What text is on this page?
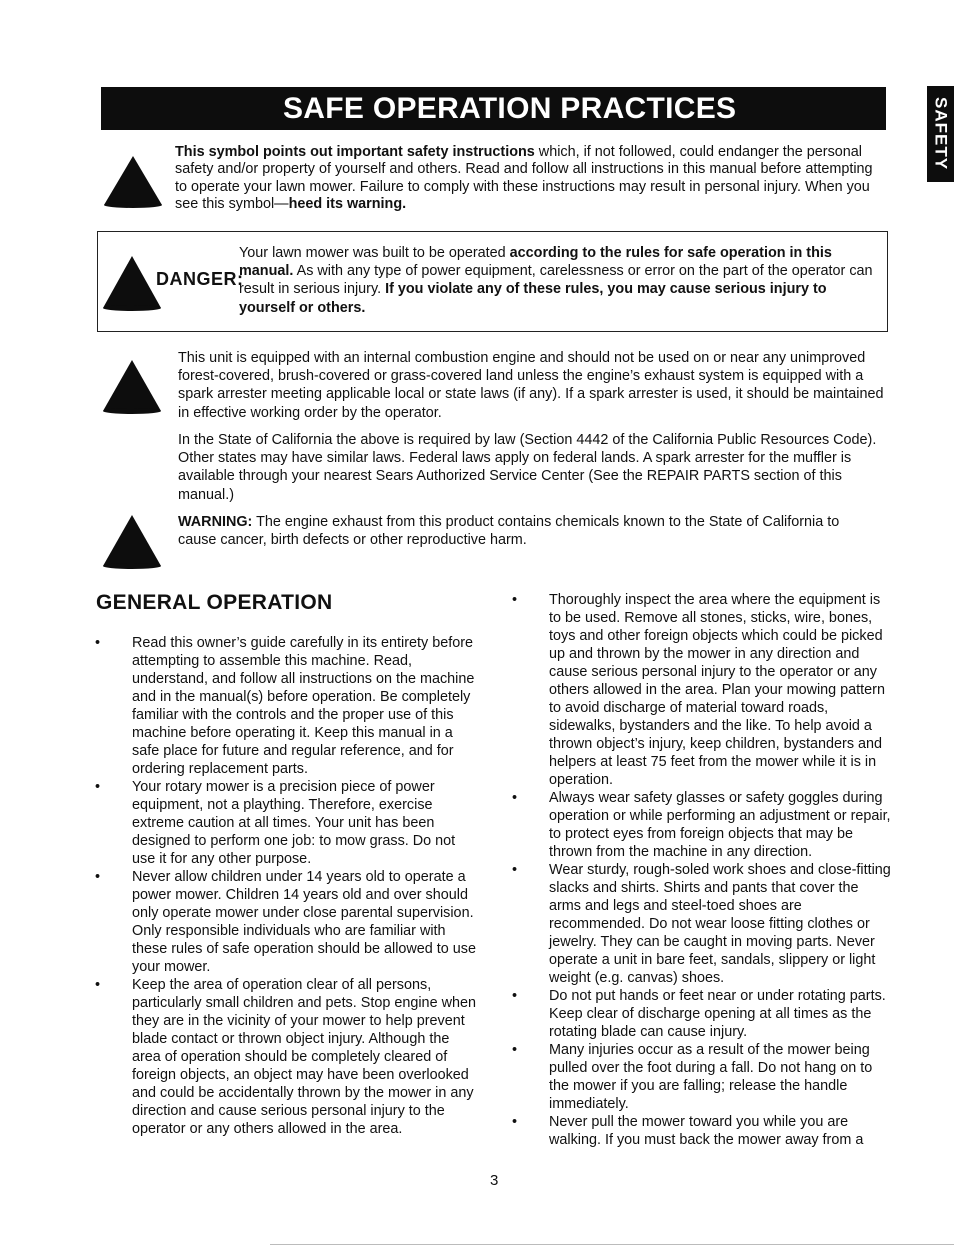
SAFE OPERATION PRACTICES	SAFETY
This symbol points out important safety instructions which, if not followed, could endanger the personal safety and/or property of yourself and others. Read and follow all instructions in this manual before attempting to operate your lawn mower. Failure to comply with these instructions may result in personal injury. When you see this symbol—heed its warning.
DANGER:
Your lawn mower was built to be operated according to the rules for safe operation in this manual. As with any type of power equipment, carelessness or error on the part of the operator can result in serious injury. If you violate any of these rules, you may cause serious injury to yourself or others.
This unit is equipped with an internal combustion engine and should not be used on or near any unimproved forest-covered, brush-covered or grass-covered land unless the engine’s exhaust system is equipped with a spark arrester meeting applicable local or state laws (if any). If a spark arrester is used, it should be maintained in effective working order by the operator.
In the State of California the above is required by law (Section 4442 of the California Public Resources Code). Other states may have similar laws. Federal laws apply on federal lands. A spark arrester for the muffler is available through your nearest Sears Authorized Service Center (See the REPAIR PARTS section of this manual.)
WARNING: The engine exhaust from this product contains chemicals known to the State of California to cause cancer, birth defects or other reproductive harm.
GENERAL OPERATION
• Read this owner’s guide carefully in its entirety before attempting to assemble this machine. Read, understand, and follow all instructions on the machine and in the manual(s) before operation. Be completely familiar with the controls and the proper use of this machine before operating it. Keep this manual in a safe place for future and regular reference, and for ordering replacement parts.
• Your rotary mower is a precision piece of power equipment, not a plaything. Therefore, exercise extreme caution at all times. Your unit has been designed to perform one job: to mow grass. Do not use it for any other purpose.
• Never allow children under 14 years old to operate a power mower. Children 14 years old and over should only operate mower under close parental supervision. Only responsible individuals who are familiar with these rules of safe operation should be allowed to use your mower.
• Keep the area of operation clear of all persons, particularly small children and pets. Stop engine when they are in the vicinity of your mower to help prevent blade contact or thrown object injury. Although the area of operation should be completely cleared of foreign objects, an object may have been overlooked and could be accidentally thrown by the mower in any direction and cause serious personal injury to the operator or any others allowed in the area.
• Thoroughly inspect the area where the equipment is to be used. Remove all stones, sticks, wire, bones, toys and other foreign objects which could be picked up and thrown by the mower in any direction and cause serious personal injury to the operator or any others allowed in the area. Plan your mowing pattern to avoid discharge of material toward roads, sidewalks, bystanders and the like. To help avoid a thrown object’s injury, keep children, bystanders and helpers at least 75 feet from the mower while it is in operation.
• Always wear safety glasses or safety goggles during operation or while performing an adjustment or repair, to protect eyes from foreign objects that may be thrown from the machine in any direction.
• Wear sturdy, rough-soled work shoes and close-fitting slacks and shirts. Shirts and pants that cover the arms and legs and steel-toed shoes are recommended. Do not wear loose fitting clothes or jewelry. They can be caught in moving parts. Never operate a unit in bare feet, sandals, slippery or light weight (e.g. canvas) shoes.
• Do not put hands or feet near or under rotating parts. Keep clear of discharge opening at all times as the rotating blade can cause injury.
• Many injuries occur as a result of the mower being pulled over the foot during a fall. Do not hang on to the mower if you are falling; release the handle immediately.
• Never pull the mower toward you while you are walking. If you must back the mower away from a
3
